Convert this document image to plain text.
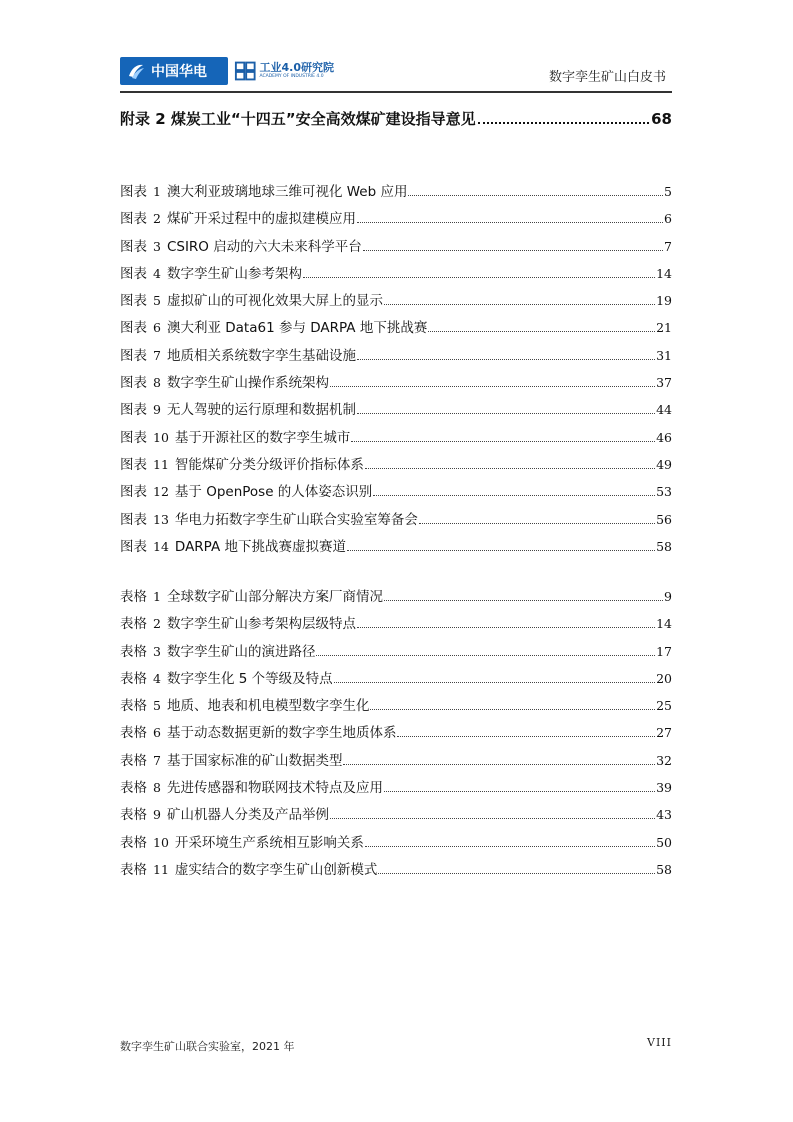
中国华电	工业4.0研究院
ACADEMY OF INDUSTRIE 4.0	数字孪生矿山白皮书
附录 2 煤炭工业“十四五”安全高效煤矿建设指导意见	68
图表 1 澳大利亚玻璃地球三维可视化 Web 应用	5
图表 2 煤矿开采过程中的虚拟建模应用	6
图表 3 CSIRO 启动的六大未来科学平台	7
图表 4 数字孪生矿山参考架构	14
图表 5 虚拟矿山的可视化效果大屏上的显示	19
图表 6 澳大利亚 Data61 参与 DARPA 地下挑战赛	21
图表 7 地质相关系统数字孪生基础设施	31
图表 8 数字孪生矿山操作系统架构	37
图表 9 无人驾驶的运行原理和数据机制	44
图表 10 基于开源社区的数字孪生城市	46
图表 11 智能煤矿分类分级评价指标体系	49
图表 12 基于 OpenPose 的人体姿态识别	53
图表 13 华电力拓数字孪生矿山联合实验室筹备会	56
图表 14 DARPA 地下挑战赛虚拟赛道	58
表格 1 全球数字矿山部分解决方案厂商情况	9
表格 2 数字孪生矿山参考架构层级特点	14
表格 3 数字孪生矿山的演进路径	17
表格 4 数字孪生化 5 个等级及特点	20
表格 5 地质、地表和机电模型数字孪生化	25
表格 6 基于动态数据更新的数字孪生地质体系	27
表格 7 基于国家标准的矿山数据类型	32
表格 8 先进传感器和物联网技术特点及应用	39
表格 9 矿山机器人分类及产品举例	43
表格 10 开采环境生产系统相互影响关系	50
表格 11 虚实结合的数字孪生矿山创新模式	58
数字孪生矿山联合实验室，2021 年	VIII
